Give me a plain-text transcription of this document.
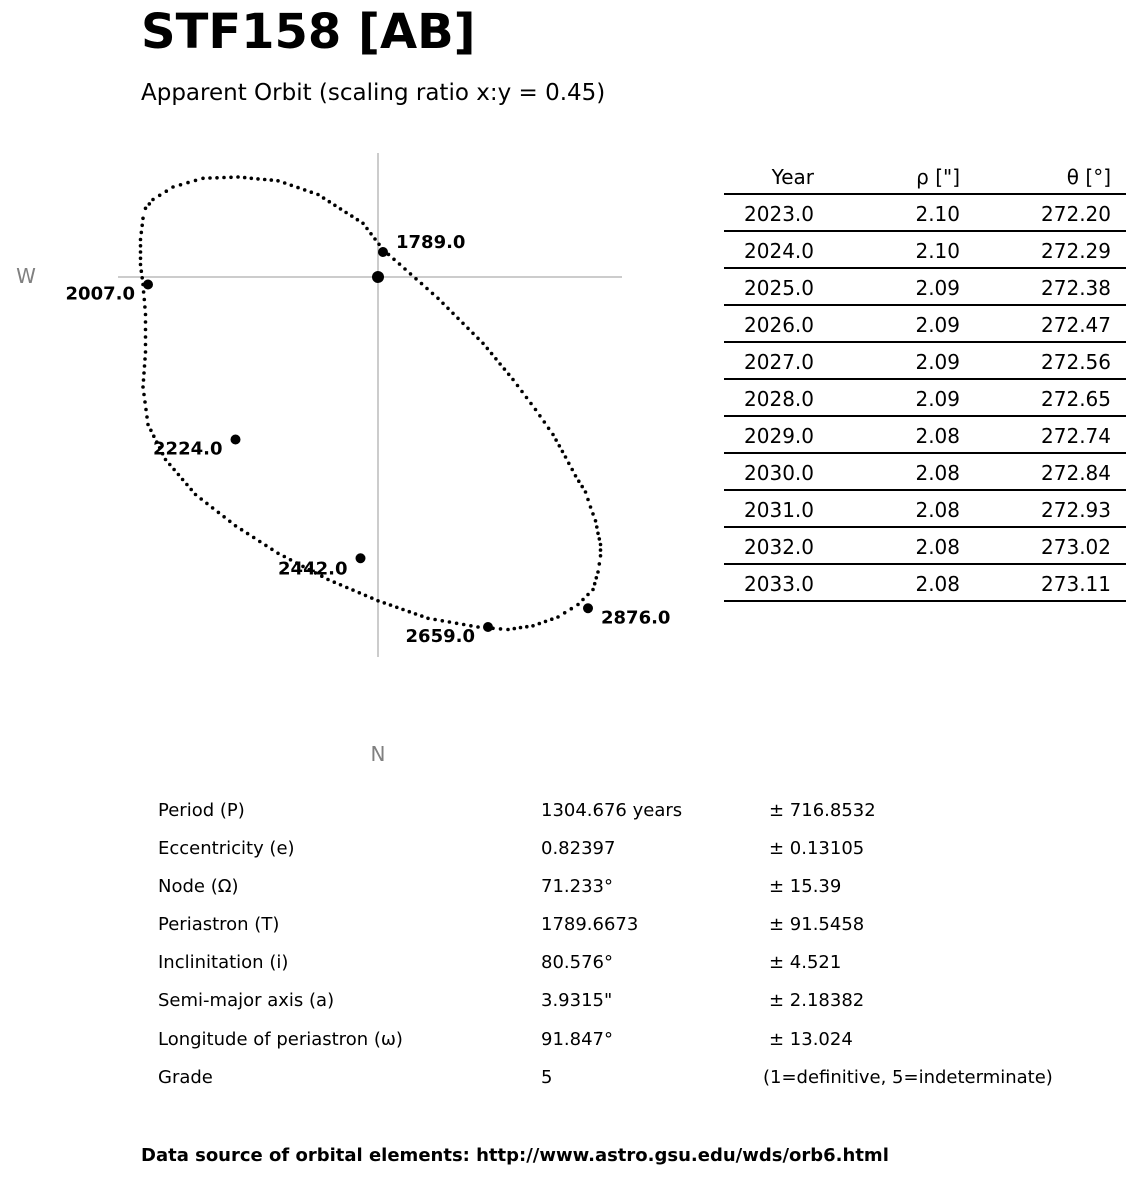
STF158 [AB]
Apparent Orbit (scaling ratio x:y = 0.45)
1789.0
2007.0
2224.0
2442.0
2659.0
2876.0
W
N
Year	ρ ["]	θ [°]
2023.0	2.10	272.20
2024.0	2.10	272.29
2025.0	2.09	272.38
2026.0	2.09	272.47
2027.0	2.09	272.56
2028.0	2.09	272.65
2029.0	2.08	272.74
2030.0	2.08	272.84
2031.0	2.08	272.93
2032.0	2.08	273.02
2033.0	2.08	273.11
Period (P)	1304.676 years	± 716.8532
Eccentricity (e)	0.82397	± 0.13105
Node (Ω)	71.233°	± 15.39
Periastron (T)	1789.6673	± 91.5458
Inclinitation (i)	80.576°	± 4.521
Semi-major axis (a)	3.9315"	± 2.18382
Longitude of periastron (ω)	91.847°	± 13.024
Grade	5	(1=definitive, 5=indeterminate)
Data source of orbital elements: http://www.astro.gsu.edu/wds/orb6.html
